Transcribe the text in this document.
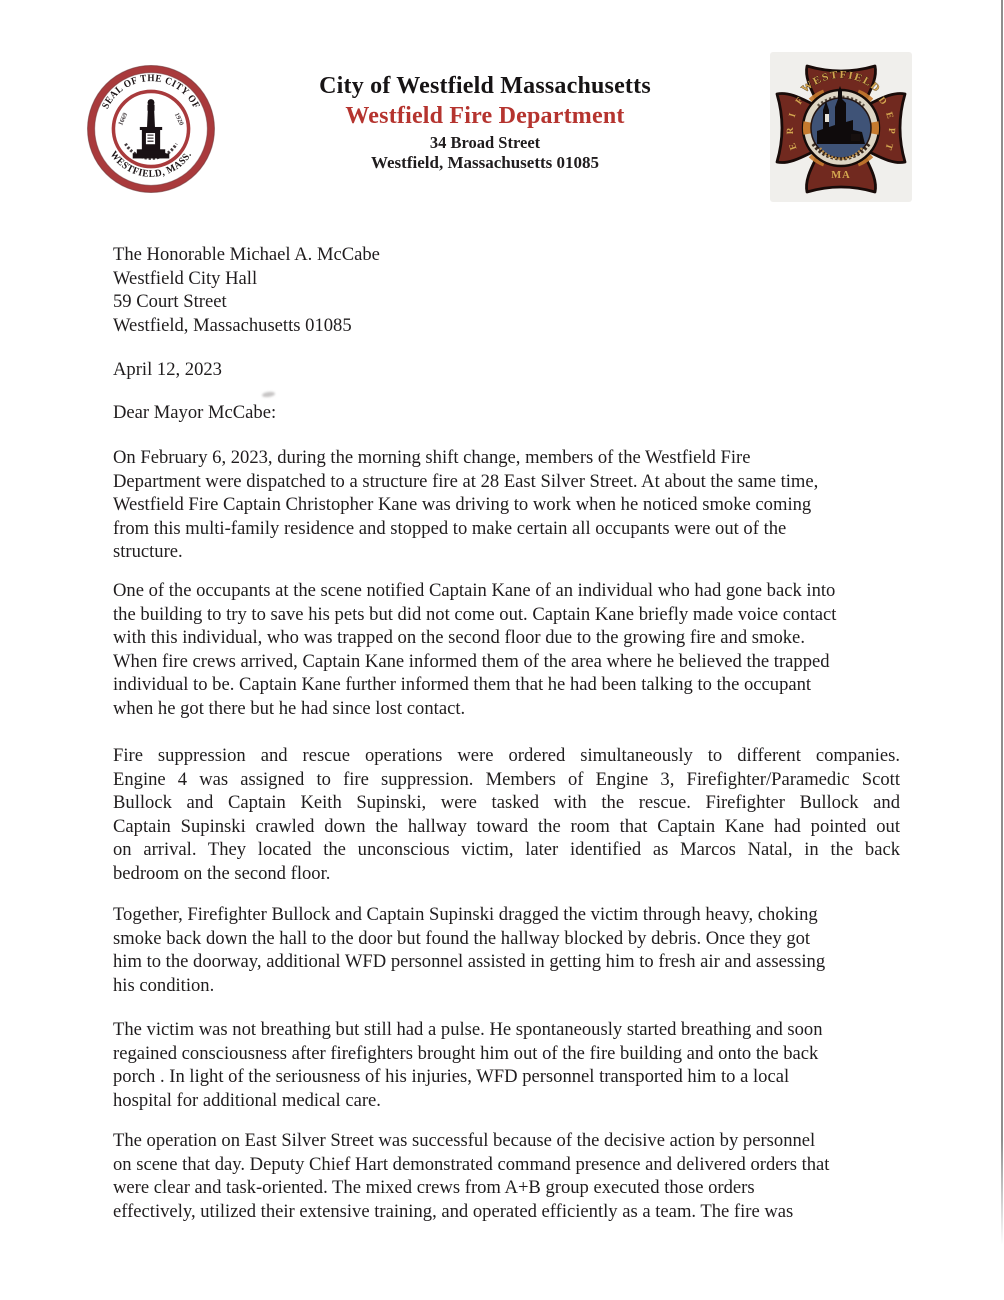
SEAL OF THE CITY OF
WESTFIELD, MASS.
1669	1920
City of Westfield Massachusetts
Westfield Fire Department
34 Broad Street
Westfield, Massachusetts 01085
WESTFIELD
F
I
R
E
D
E
P
T
MA
The Honorable Michael A. McCabe
Westfield City Hall
59 Court Street
Westfield, Massachusetts 01085
April 12, 2023
Dear Mayor McCabe:
On February 6, 2023, during the morning shift change, members of the Westfield Fire
Department were dispatched to a structure fire at 28 East Silver Street. At about the same time,
Westfield Fire Captain Christopher Kane was driving to work when he noticed smoke coming
from this multi-family residence and stopped to make certain all occupants were out of the
structure.
One of the occupants at the scene notified Captain Kane of an individual who had gone back into
the building to try to save his pets but did not come out. Captain Kane briefly made voice contact
with this individual, who was trapped on the second floor due to the growing fire and smoke.
When fire crews arrived, Captain Kane informed them of the area where he believed the trapped
individual to be. Captain Kane further informed them that he had been talking to the occupant
when he got there but he had since lost contact.
Fire suppression and rescue operations were ordered simultaneously to different companies.
Engine 4 was assigned to fire suppression. Members of Engine 3, Firefighter/Paramedic Scott
Bullock and Captain Keith Supinski, were tasked with the rescue. Firefighter Bullock and
Captain Supinski crawled down the hallway toward the room that Captain Kane had pointed out
on arrival. They located the unconscious victim, later identified as Marcos Natal, in the back
bedroom on the second floor.
Together, Firefighter Bullock and Captain Supinski dragged the victim through heavy, choking
smoke back down the hall to the door but found the hallway blocked by debris. Once they got
him to the doorway, additional WFD personnel assisted in getting him to fresh air and assessing
his condition.
The victim was not breathing but still had a pulse. He spontaneously started breathing and soon
regained consciousness after firefighters brought him out of the fire building and onto the back
porch . In light of the seriousness of his injuries, WFD personnel transported him to a local
hospital for additional medical care.
The operation on East Silver Street was successful because of the decisive action by personnel
on scene that day. Deputy Chief Hart demonstrated command presence and delivered orders that
were clear and task-oriented. The mixed crews from A+B group executed those orders
effectively, utilized their extensive training, and operated efficiently as a team. The fire was
